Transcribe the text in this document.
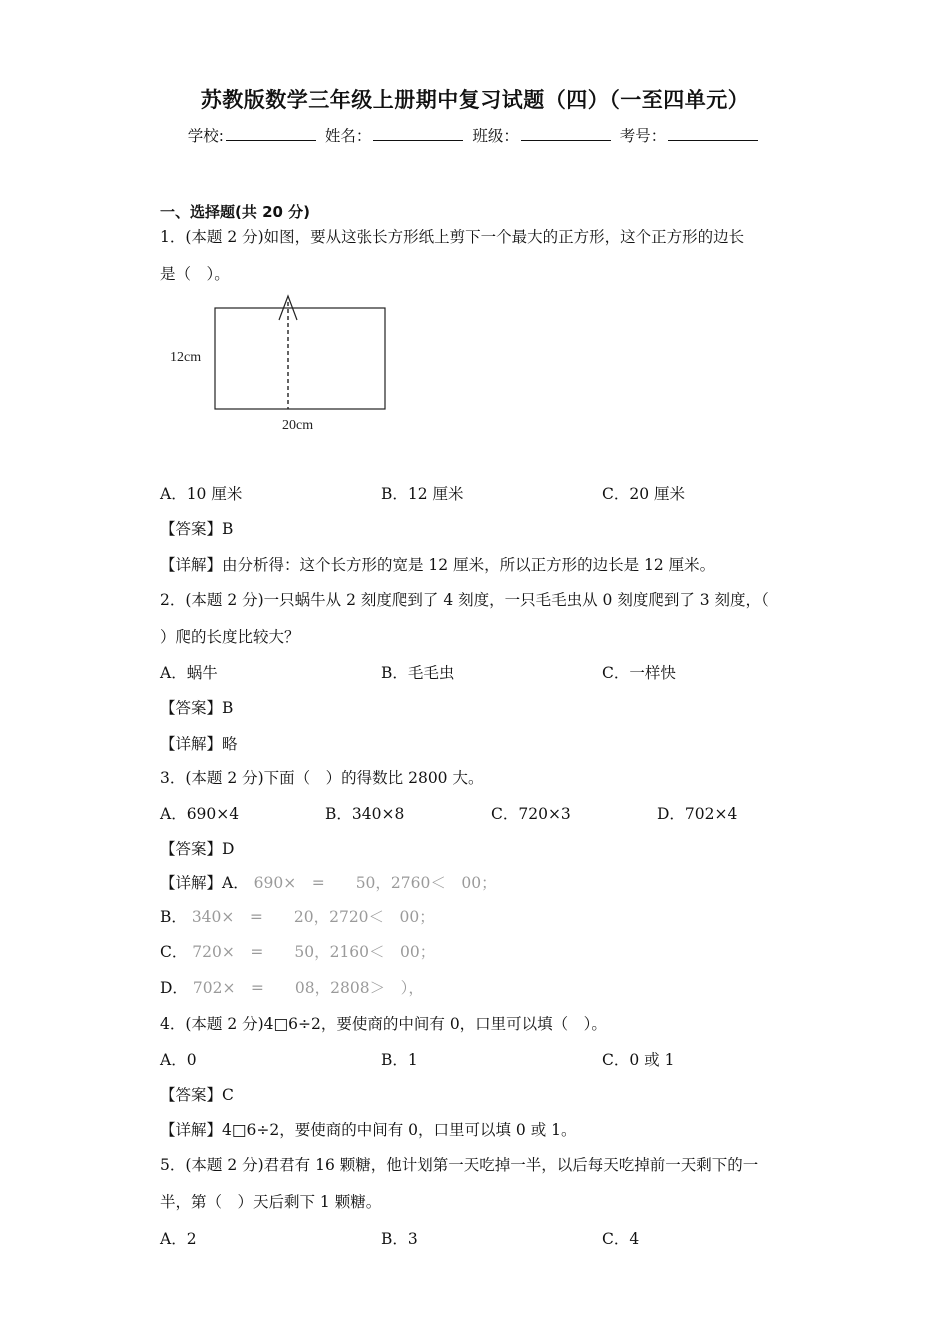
苏教版数学三年级上册期中复习试题（四）（一至四单元）
学校:	姓名：	班级：	考号：
一、选择题(共 20 分)
1．(本题 2 分)如图，要从这张长方形纸上剪下一个最大的正方形，这个正方形的边长
是（　）。
12cm
20cm
A．10 厘米	B．12 厘米	C．20 厘米
【答案】B
【详解】由分析得：这个长方形的宽是 12 厘米，所以正方形的边长是 12 厘米。
2．(本题 2 分)一只蜗牛从 2 刻度爬到了 4 刻度，一只毛毛虫从 0 刻度爬到了 3 刻度，（
）爬的长度比较大？
A．蜗牛	B．毛毛虫	C．一样快
【答案】B
【详解】略
3．(本题 2 分)下面（　）的得数比 2800 大。
A．690×4	B．340×8	C．720×3	D．702×4
【答案】D
【详解】A． 690×　=　　50，2760＜　00；
B． 340×　=　　20，2720＜　00；
C． 720×　=　　50，2160＜　00；
D． 702×　=　　08，2808＞　），
4．(本题 2 分)4□6÷2，要使商的中间有 0，口里可以填（　）。
A．0	B．1	C．0 或 1
【答案】C
【详解】4□6÷2，要使商的中间有 0，口里可以填 0 或 1。
5．(本题 2 分)君君有 16 颗糖，他计划第一天吃掉一半，以后每天吃掉前一天剩下的一
半，第（　）天后剩下 1 颗糖。
A．2	B．3	C．4
